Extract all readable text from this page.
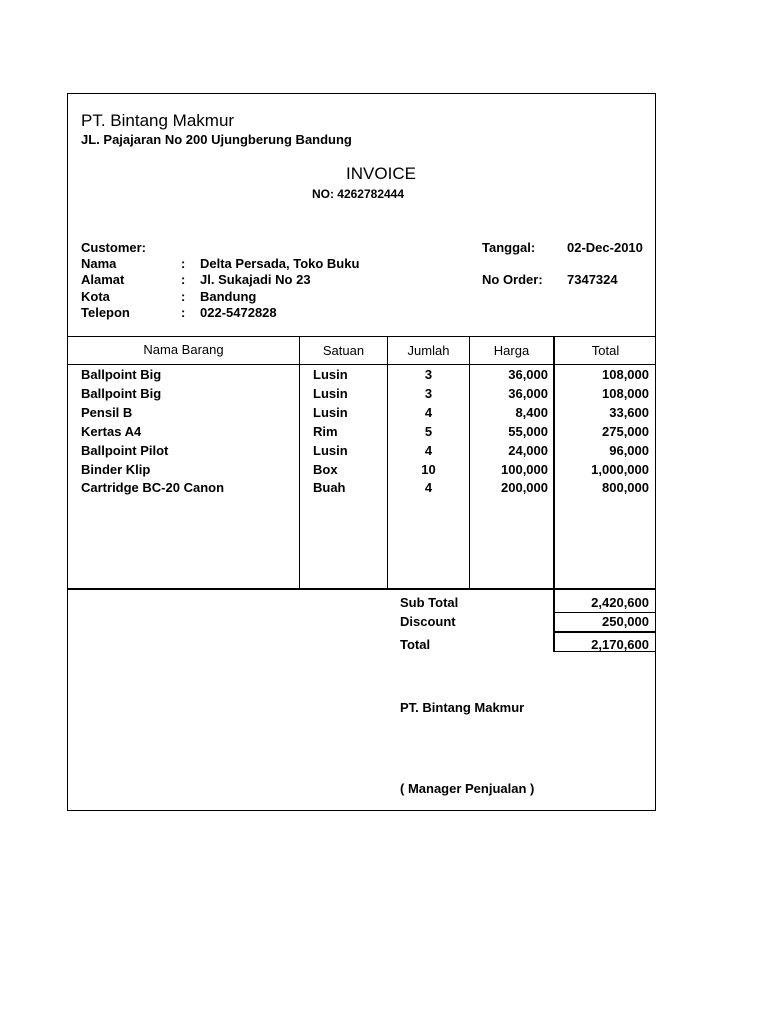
PT. Bintang Makmur
JL. Pajajaran No 200 Ujungberung Bandung
INVOICE
NO: 4262782444
Customer:
Nama	: Delta Persada, Toko Buku
Alamat	: Jl. Sukajadi No 23
Kota	: Bandung
Telepon	: 022-5472828
Tanggal: 02-Dec-2010
No Order: 7347324
Nama Barang	Satuan	Jumlah	Harga	Total
Ballpoint Big	Lusin	3	36,000	108,000
Ballpoint Big	Lusin	3	36,000	108,000
Pensil B	Lusin	4	8,400	33,600
Kertas A4	Rim	5	55,000	275,000
Ballpoint Pilot	Lusin	4	24,000	96,000
Binder Klip	Box	10	100,000	1,000,000
Cartridge BC-20 Canon	Buah	4	200,000	800,000
Sub Total	2,420,600
Discount	250,000
Total	2,170,600
PT. Bintang Makmur
( Manager Penjualan )
